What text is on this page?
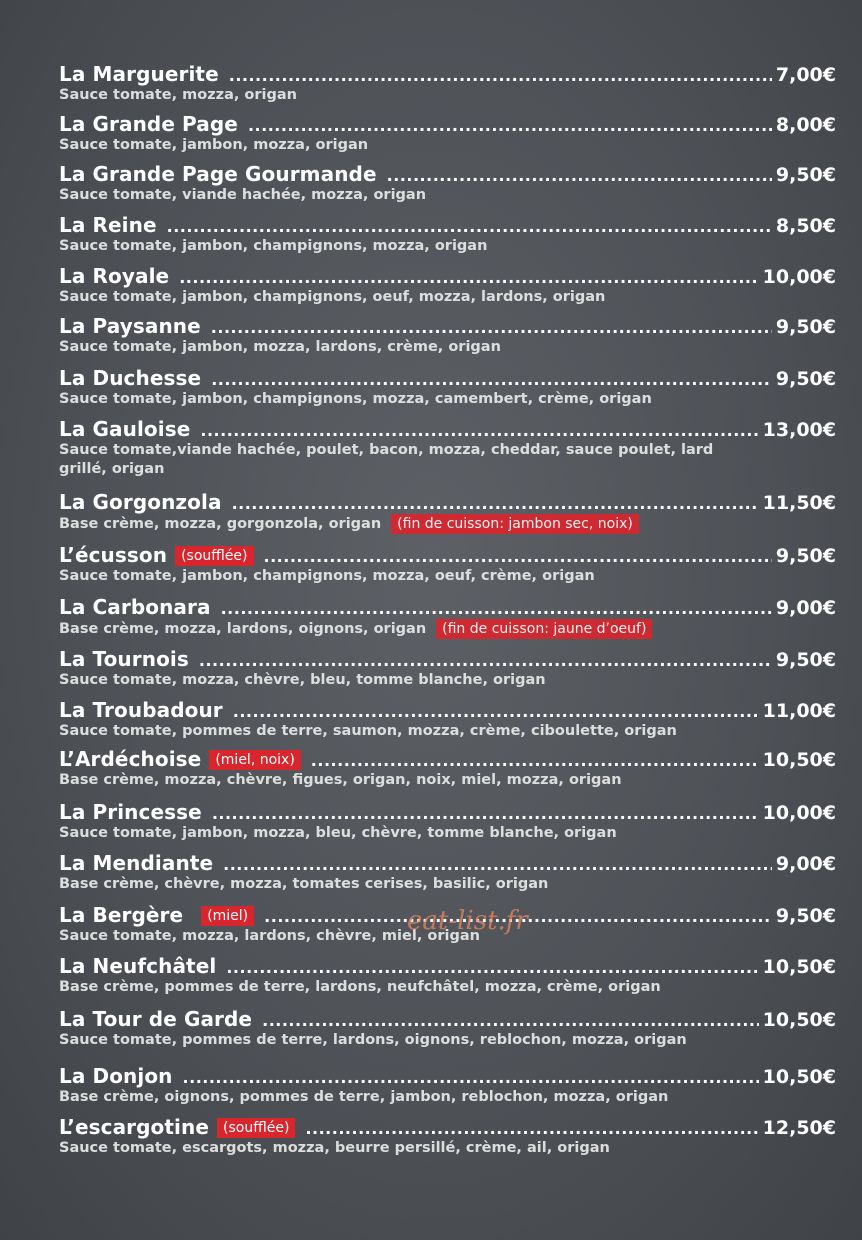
La Marguerite .....	7,00€
Sauce tomate, mozza, origan
La Grande Page .....	8,00€
Sauce tomate, jambon, mozza, origan
La Grande Page Gourmande .....	9,50€
Sauce tomate, viande hachée, mozza, origan
La Reine .....	8,50€
Sauce tomate, jambon, champignons, mozza, origan
La Royale .....	10,00€
Sauce tomate, jambon, champignons, oeuf, mozza, lardons, origan
La Paysanne .....	9,50€
Sauce tomate, jambon, mozza, lardons, crème, origan
La Duchesse .....	9,50€
Sauce tomate, jambon, champignons, mozza, camembert, crème, origan
La Gauloise .....	13,00€
Sauce tomate,viande hachée, poulet, bacon, mozza, cheddar, sauce poulet, lard grillé, origan
La Gorgonzola .....	11,50€
Base crème, mozza, gorgonzola, origan (fin de cuisson: jambon sec, noix)
L’écusson	(soufflée) .....	9,50€
Sauce tomate, jambon, champignons, mozza, oeuf, crème, origan
La Carbonara .....	9,00€
Base crème, mozza, lardons, oignons, origan (fin de cuisson: jaune d’oeuf)
La Tournois .....	9,50€
Sauce tomate, mozza, chèvre, bleu, tomme blanche, origan
La Troubadour .....	11,00€
Sauce tomate, pommes de terre, saumon, mozza, crème, ciboulette, origan
L’Ardéchoise	(miel, noix) .....	10,50€
Base crème, mozza, chèvre, figues, origan, noix, miel, mozza, origan
La Princesse .....	10,00€
Sauce tomate, jambon, mozza, bleu, chèvre, tomme blanche, origan
La Mendiante .....	9,00€
Base crème, chèvre, mozza, tomates cerises, basilic, origan
La Bergère	(miel) .....	9,50€
Sauce tomate, mozza, lardons, chèvre, miel, origan
La Neufchâtel .....	10,50€
Base crème, pommes de terre, lardons, neufchâtel, mozza, crème, origan
La Tour de Garde .....	10,50€
Sauce tomate, pommes de terre, lardons, oignons, reblochon, mozza, origan
La Donjon .....	10,50€
Base crème, oignons, pommes de terre, jambon, reblochon, mozza, origan
L’escargotine	(soufflée) .....	12,50€
Sauce tomate, escargots, mozza, beurre persillé, crème, ail, origan
eat-list.fr
